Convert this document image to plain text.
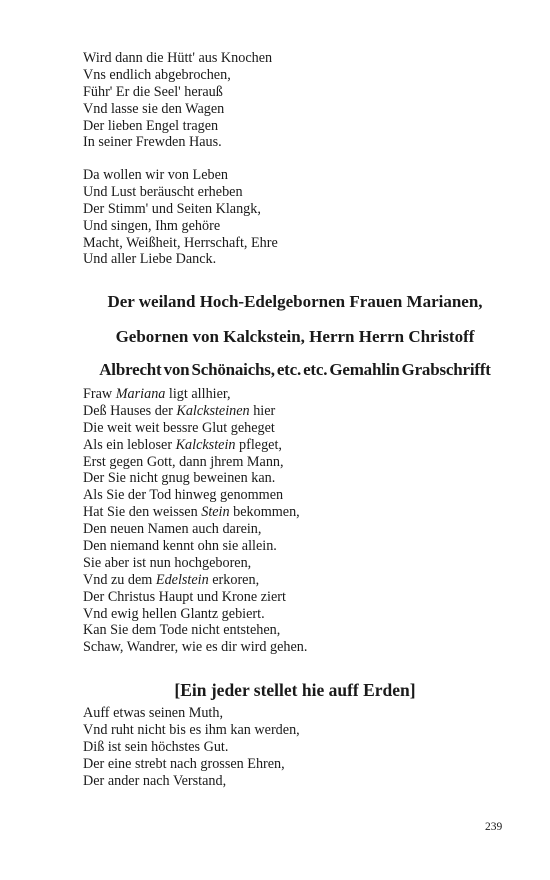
Wird dann die Hütt' aus Knochen
Vns endlich abgebrochen,
Führ' Er die Seel' herauß
Vnd lasse sie den Wagen
Der lieben Engel tragen
In seiner Frewden Haus.
Da wollen wir von Leben
Und Lust beräuscht erheben
Der Stimm' und Seiten Klangk,
Und singen, Ihm gehöre
Macht, Weißheit, Herrschaft, Ehre
Und aller Liebe Danck.
Der weiland Hoch-Edelgebornen Frauen Marianen,
Gebornen von Kalckstein, Herrn Herrn Christoff
Albrecht von Schönaichs, etc. etc. Gemahlin Grabschrifft
Fraw Mariana ligt allhier,
Deß Hauses der Kalcksteinen hier
Die weit weit bessre Glut geheget
Als ein lebloser Kalckstein pfleget,
Erst gegen Gott, dann jhrem Mann,
Der Sie nicht gnug beweinen kan.
Als Sie der Tod hinweg genommen
Hat Sie den weissen Stein bekommen,
Den neuen Namen auch darein,
Den niemand kennt ohn sie allein.
Sie aber ist nun hochgeboren,
Vnd zu dem Edelstein erkoren,
Der Christus Haupt und Krone ziert
Vnd ewig hellen Glantz gebiert.
Kan Sie dem Tode nicht entstehen,
Schaw, Wandrer, wie es dir wird gehen.
[Ein jeder stellet hie auff Erden]
Auff etwas seinen Muth,
Vnd ruht nicht bis es ihm kan werden,
Diß ist sein höchstes Gut.
Der eine strebt nach grossen Ehren,
Der ander nach Verstand,
239
